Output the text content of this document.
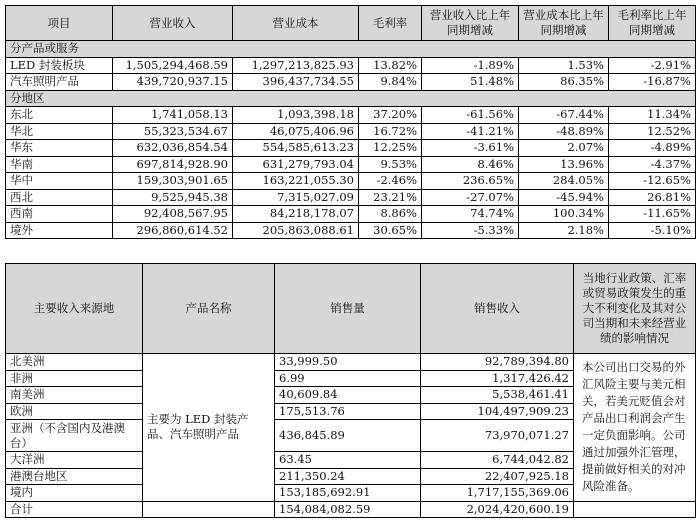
项目	营业收入	营业成本	毛利率	营业收入比上年同期增减	营业成本比上年同期增减	毛利率比上年同期增减
分产品或服务						
LED 封装板块	1,505,294,468.59	1,297,213,825.93	13.82%	-1.89%	1.53%	-2.91%
汽车照明产品	439,720,937.15	396,437,734.55	9.84%	51.48%	86.35%	-16.87%
分地区						
东北	1,741,058.13	1,093,398.18	37.20%	-61.56%	-67.44%	11.34%
华北	55,323,534.67	46,075,406.96	16.72%	-41.21%	-48.89%	12.52%
华东	632,036,854.54	554,585,613.23	12.25%	-3.61%	2.07%	-4.89%
华南	697,814,928.90	631,279,793.04	9.53%	8.46%	13.96%	-4.37%
华中	159,303,901.65	163,221,055.30	-2.46%	236.65%	284.05%	-12.65%
西北	9,525,945.38	7,315,027.09	23.21%	-27.07%	-45.94%	26.81%
西南	92,408,567.95	84,218,178.07	8.86%	74.74%	100.34%	-11.65%
境外	296,860,614.52	205,863,088.61	30.65%	-5.33%	2.18%	-5.10%
主要收入来源地	产品名称	销售量	销售收入	当地行业政策、汇率或贸易政策发生的重大不利变化及其对公司当期和未来经营业绩的影响情况
北美洲	主要为 LED 封装产品、汽车照明产品	33,999.50	92,789,394.80	本公司出口交易的外汇风险主要与美元相关，若美元贬值会对产品出口利润会产生一定负面影响。公司通过加强外汇管理，提前做好相关的对冲风险准备。
非洲		6.99	1,317,426.42	
南美洲		40,609.84	5,538,461.41	
欧洲		175,513.76	104,497,909.23	
亚洲（不含国内及港澳台）		436,845.89	73,970,071.27	
大洋洲		63.45	6,744,042.82	
港澳台地区		211,350.24	22,407,925.18	
境内		153,185,692.91	1,717,155,369.06	
合计		154,084,082.59	2,024,420,600.19	
